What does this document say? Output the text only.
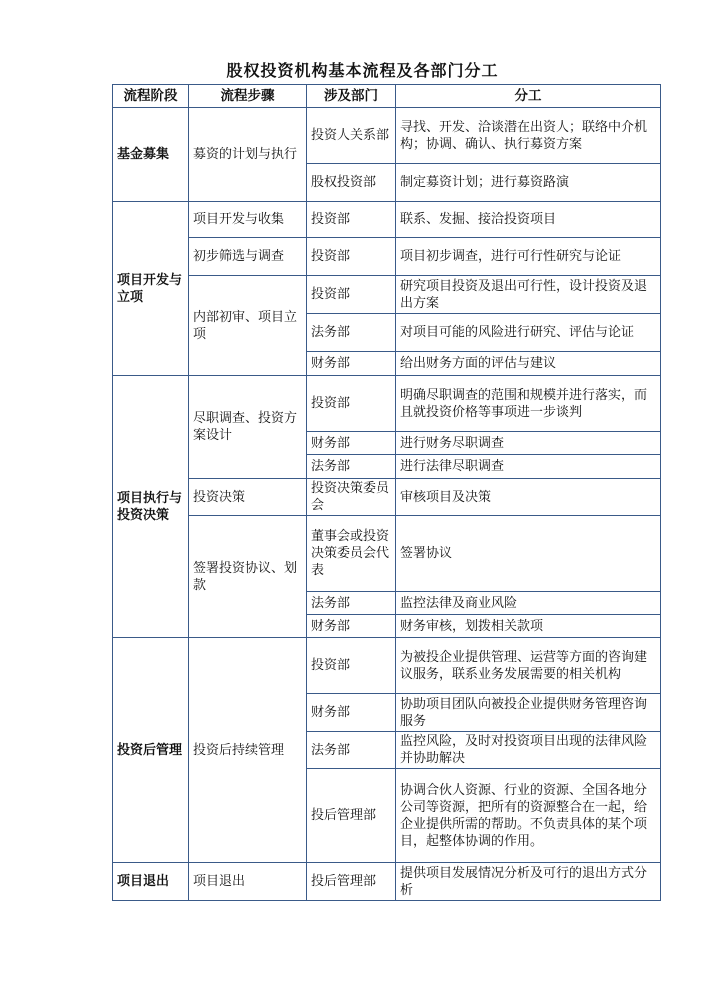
股权投资机构基本流程及各部门分工
流程阶段	流程步骤	涉及部门	分工
基金募集	募资的计划与执行	投资人关系部	寻找、开发、洽谈潜在出资人；联络中介机构；协调、确认、执行募资方案
		股权投资部	制定募资计划；进行募资路演
项目开发与立项	项目开发与收集	投资部	联系、发掘、接洽投资项目
	初步筛选与调查	投资部	项目初步调查，进行可行性研究与论证
	内部初审、项目立项	投资部	研究项目投资及退出可行性，设计投资及退出方案
		法务部	对项目可能的风险进行研究、评估与论证
		财务部	给出财务方面的评估与建议
项目执行与投资决策	尽职调查、投资方案设计	投资部	明确尽职调查的范围和规模并进行落实，而且就投资价格等事项进一步谈判
		财务部	进行财务尽职调查
		法务部	进行法律尽职调查
	投资决策	投资决策委员会	审核项目及决策
	签署投资协议、划款	董事会或投资决策委员会代表	签署协议
		法务部	监控法律及商业风险
		财务部	财务审核，划拨相关款项
投资后管理	投资后持续管理	投资部	为被投企业提供管理、运营等方面的咨询建议服务，联系业务发展需要的相关机构
		财务部	协助项目团队向被投企业提供财务管理咨询服务
		法务部	监控风险，及时对投资项目出现的法律风险并协助解决
		投后管理部	协调合伙人资源、行业的资源、全国各地分公司等资源，把所有的资源整合在一起，给企业提供所需的帮助。不负责具体的某个项目，起整体协调的作用。
项目退出	项目退出	投后管理部	提供项目发展情况分析及可行的退出方式分析
